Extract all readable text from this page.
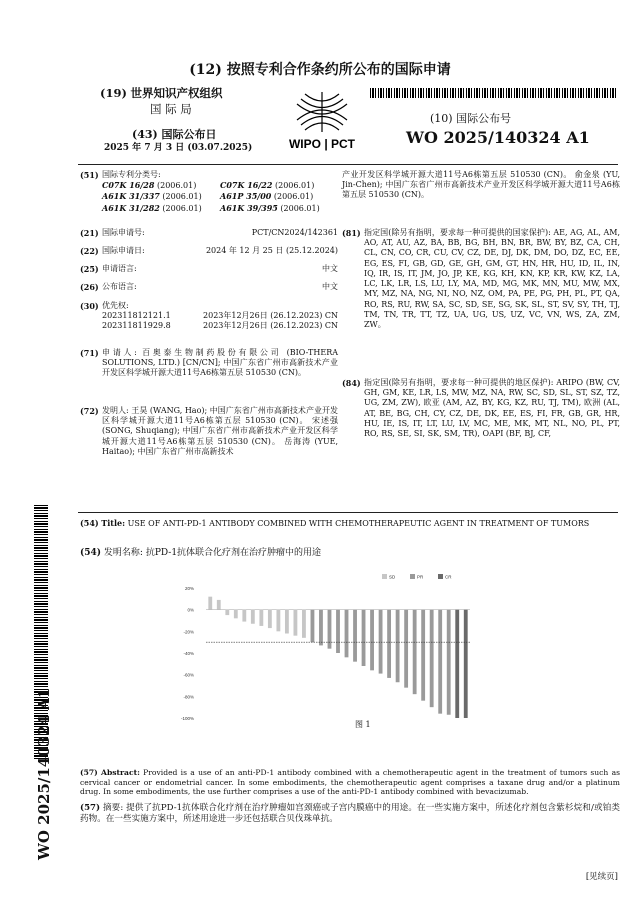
(12) 按照专利合作条约所公布的国际申请
(19) 世界知识产权组织
国 际 局
WIPO | PCT
(10) 国际公布号
WO 2025/140324 A1
(43) 国际公布日
2025 年 7 月 3 日 (03.07.2025)
(51) 国际专利分类号:
C07K 16/28 (2006.01)	C07K 16/22 (2006.01)
A61K 31/337 (2006.01)	A61P 35/00 (2006.01)
A61K 31/282 (2006.01)	A61K 39/395 (2006.01)
(21) 国际申请号:	PCT/CN2024/142361
(22) 国际申请日:	2024 年 12 月 25 日 (25.12.2024)
(25) 申请语言:	中文
(26) 公布语言:	中文
(30) 优先权:
202311812121.1	2023年12月26日 (26.12.2023) CN
202311811929.8	2023年12月26日 (26.12.2023) CN
(71) 申请人: 百奥泰生物制药股份有限公司 (BIO-THERA SOLUTIONS, LTD.) [CN/CN]; 中国广东省广州市高新技术产业开发区科学城开源大道11号A6栋第五层 510530 (CN)。
(72) 发明人: 王昊 (WANG, Hao); 中国广东省广州市高新技术产业开发区科学城开源大道11号A6栋第五层 510530 (CN)。 宋述强 (SONG, Shuqiang); 中国广东省广州市高新技术产业开发区科学城开源大道11号A6栋第五层 510530 (CN)。 岳海涛 (YUE, Haitao); 中国广东省广州市高新技术
产业开发区科学城开源大道11号A6栋第五层 510530 (CN)。 俞金泉 (YU, Jin-Chen); 中国广东省广州市高新技术产业开发区科学城开源大道11号A6栋第五层 510530 (CN)。
(81) 指定国(除另有指明，要求每一种可提供的国家保护): AE, AG, AL, AM, AO, AT, AU, AZ, BA, BB, BG, BH, BN, BR, BW, BY, BZ, CA, CH, CL, CN, CO, CR, CU, CV, CZ, DE, DJ, DK, DM, DO, DZ, EC, EE, EG, ES, FI, GB, GD, GE, GH, GM, GT, HN, HR, HU, ID, IL, IN, IQ, IR, IS, IT, JM, JO, JP, KE, KG, KH, KN, KP, KR, KW, KZ, LA, LC, LK, LR, LS, LU, LY, MA, MD, MG, MK, MN, MU, MW, MX, MY, MZ, NA, NG, NI, NO, NZ, OM, PA, PE, PG, PH, PL, PT, QA, RO, RS, RU, RW, SA, SC, SD, SE, SG, SK, SL, ST, SV, SY, TH, TJ, TM, TN, TR, TT, TZ, UA, UG, US, UZ, VC, VN, WS, ZA, ZM, ZW。
(84) 指定国(除另有指明，要求每一种可提供的地区保护): ARIPO (BW, CV, GH, GM, KE, LR, LS, MW, MZ, NA, RW, SC, SD, SL, ST, SZ, TZ, UG, ZM, ZW), 欧亚 (AM, AZ, BY, KG, KZ, RU, TJ, TM), 欧洲 (AL, AT, BE, BG, CH, CY, CZ, DE, DK, EE, ES, FI, FR, GB, GR, HR, HU, IE, IS, IT, LT, LU, LV, MC, ME, MK, MT, NL, NO, PL, PT, RO, RS, SE, SI, SK, SM, TR), OAPI (BF, BJ, CF,
(54) Title: USE OF ANTI-PD-1 ANTIBODY COMBINED WITH CHEMOTHERAPEUTIC AGENT IN TREATMENT OF TUMORS
(54) 发明名称: 抗PD-1抗体联合化疗剂在治疗肿瘤中的用途
20%
0%
-20%
-40%
-60%
-80%
-100%
SD	PR	CR
图 1
WO 2025/140324 A1	(57) Abstract: Provided is a use of an anti-PD-1 antibody combined with a chemotherapeutic agent in the treatment of tumors such as cervical cancer or endometrial cancer. In some embodiments, the chemotherapeutic agent comprises a taxane drug and/or a platinum drug. In some embodiments, the use further comprises a use of the anti-PD-1 antibody combined with bevacizumab.
(57) 摘要: 提供了抗PD-1抗体联合化疗剂在治疗肿瘤如宫颈癌或子宫内膜癌中的用途。在一些实施方案中，所述化疗剂包含紫杉烷和/或铂类药物。在一些实施方案中，所述用途进一步还包括联合贝伐珠单抗。
[见续页]
